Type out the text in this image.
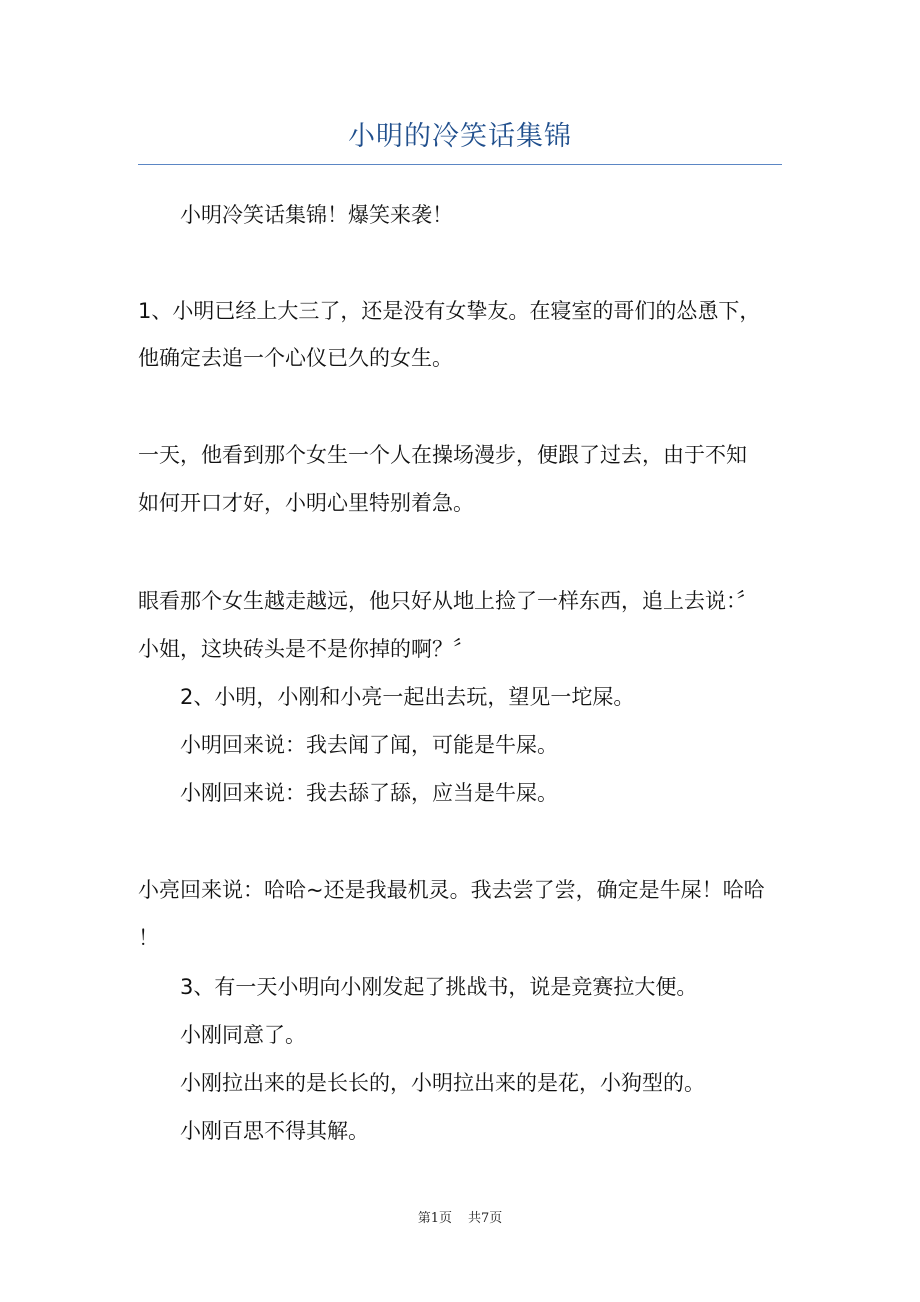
小明的冷笑话集锦
小明冷笑话集锦！爆笑来袭！
1、小明已经上大三了，还是没有女挚友。在寝室的哥们的怂恿下，
他确定去追一个心仪已久的女生。
一天，他看到那个女生一个人在操场漫步，便跟了过去，由于不知
如何开口才好，小明心里特别着急。
眼看那个女生越走越远，他只好从地上捡了一样东西，追上去说：〞
小姐，这块砖头是不是你掉的啊？〞
2、小明，小刚和小亮一起出去玩，望见一坨屎。
小明回来说：我去闻了闻，可能是牛屎。
小刚回来说：我去舔了舔，应当是牛屎。
小亮回来说：哈哈~还是我最机灵。我去尝了尝，确定是牛屎！哈哈
！
3、有一天小明向小刚发起了挑战书，说是竞赛拉大便。
小刚同意了。
小刚拉出来的是长长的，小明拉出来的是花，小狗型的。
小刚百思不得其解。
第1页 共7页
